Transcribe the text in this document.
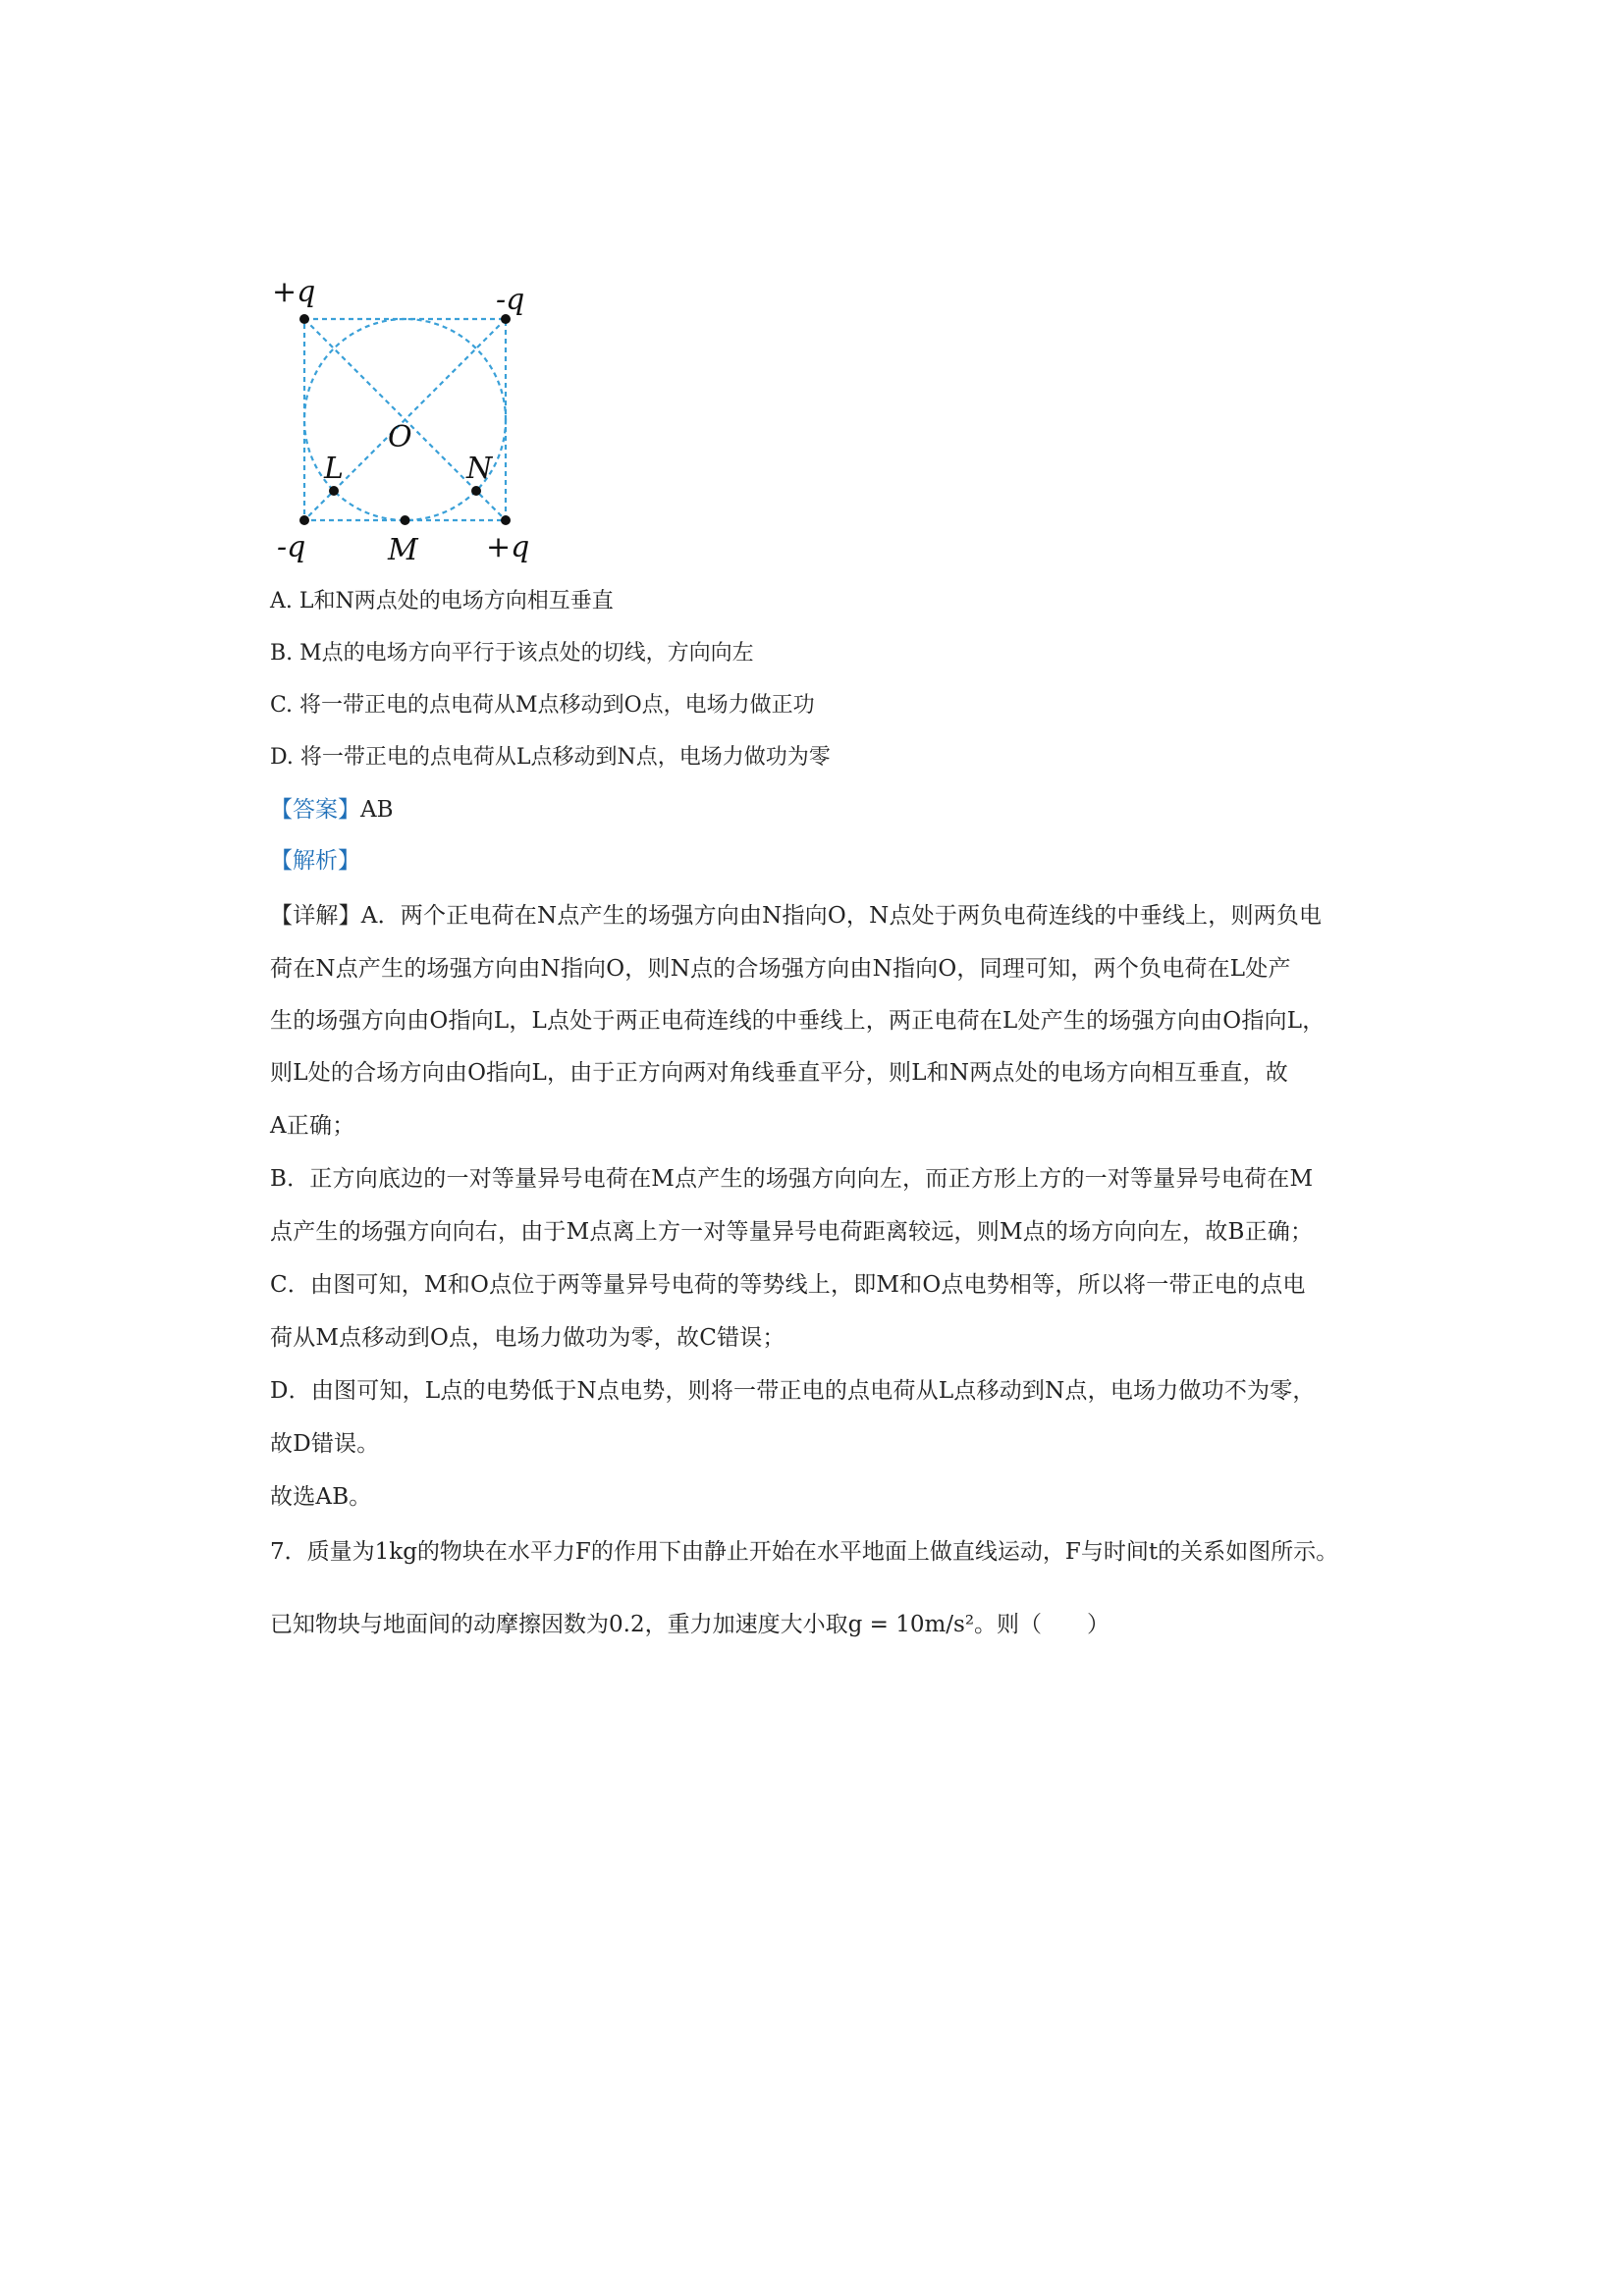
+q	-q
-q	+q
O
L	N
M
A. L和N两点处的电场方向相互垂直
B. M点的电场方向平行于该点处的切线，方向向左
C. 将一带正电的点电荷从M点移动到O点，电场力做正功
D. 将一带正电的点电荷从L点移动到N点，电场力做功为零
【答案】AB
【解析】
【详解】A．两个正电荷在N点产生的场强方向由N指向O，N点处于两负电荷连线的中垂线上，则两负电
荷在N点产生的场强方向由N指向O，则N点的合场强方向由N指向O，同理可知，两个负电荷在L处产
生的场强方向由O指向L，L点处于两正电荷连线的中垂线上，两正电荷在L处产生的场强方向由O指向L，
则L处的合场方向由O指向L，由于正方向两对角线垂直平分，则L和N两点处的电场方向相互垂直，故
A正确；
B．正方向底边的一对等量异号电荷在M点产生的场强方向向左，而正方形上方的一对等量异号电荷在M
点产生的场强方向向右，由于M点离上方一对等量异号电荷距离较远，则M点的场方向向左，故B正确；
C．由图可知，M和O点位于两等量异号电荷的等势线上，即M和O点电势相等，所以将一带正电的点电
荷从M点移动到O点，电场力做功为零，故C错误；
D．由图可知，L点的电势低于N点电势，则将一带正电的点电荷从L点移动到N点，电场力做功不为零，
故D错误。
故选AB。
7．质量为1kg的物块在水平力F的作用下由静止开始在水平地面上做直线运动，F与时间t的关系如图所示。
已知物块与地面间的动摩擦因数为0.2，重力加速度大小取g = 10m/s²。则（　　）
